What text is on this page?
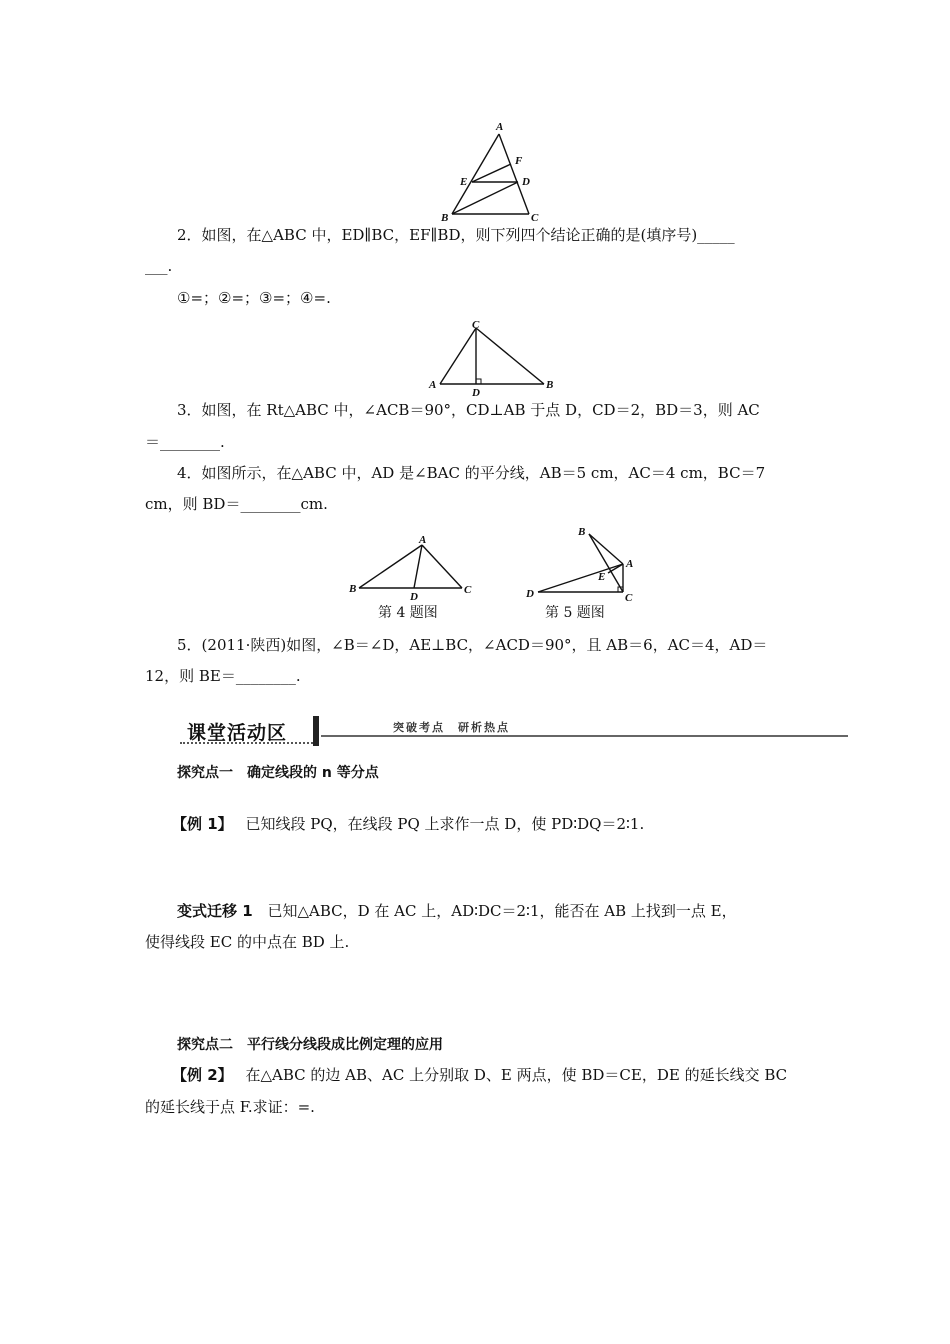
A
F
E	D
B	C
2．如图，在△ABC 中，ED∥BC，EF∥BD，则下列四个结论正确的是(填序号)_____
___.
①=；②=；③=；④=.
C
A
D
B
3．如图，在 Rt△ABC 中，∠ACB＝90°，CD⊥AB 于点 D，CD＝2，BD＝3，则 AC
＝________.
4．如图所示，在△ABC 中，AD 是∠BAC 的平分线，AB＝5 cm，AC＝4 cm，BC＝7
cm，则 BD＝________cm.
A
B
D
C
第 4 题图
B
A
E
D	C
第 5 题图
5．(2011·陕西)如图，∠B＝∠D，AE⊥BC，∠ACD＝90°，且 AB＝6，AC＝4，AD＝
12，则 BE＝________.
课堂活动区	突破考点　研析热点
探究点一　确定线段的 n 等分点
【例 1】 已知线段 PQ，在线段 PQ 上求作一点 D，使 PD∶DQ＝2∶1.
变式迁移 1 已知△ABC，D 在 AC 上，AD∶DC＝2∶1，能否在 AB 上找到一点 E，
使得线段 EC 的中点在 BD 上.
探究点二　平行线分线段成比例定理的应用
【例 2】 在△ABC 的边 AB、AC 上分别取 D、E 两点，使 BD＝CE，DE 的延长线交 BC
的延长线于点 F.求证：=.
